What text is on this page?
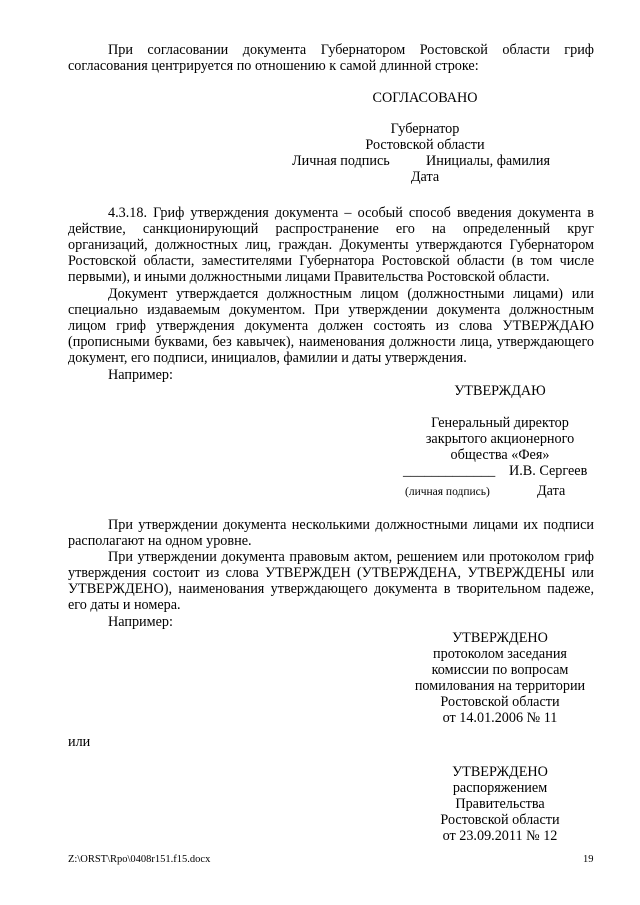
При согласовании документа Губернатором Ростовской области гриф согласования центрируется по отношению к самой длинной строке:
СОГЛАСОВАНО
Губернатор
Ростовской области
Личная подпись	Инициалы, фамилия
Дата
4.3.18. Гриф утверждения документа – особый способ введения документа в действие, санкционирующий распространение его на определенный круг организаций, должностных лиц, граждан. Документы утверждаются Губернатором Ростовской области, заместителями Губернатора Ростовской области (в том числе первыми), и иными должностными лицами Правительства Ростовской области.
Документ утверждается должностным лицом (должностными лицами) или специально издаваемым документом. При утверждении документа должностным лицом гриф утверждения документа должен состоять из слова УТВЕРЖДАЮ (прописными буквами, без кавычек), наименования должности лица, утверждающего документ, его подписи, инициалов, фамилии и даты утверждения.
Например:
УТВЕРЖДАЮ
Генеральный директор
закрытого акционерного
общества «Фея»
_____________ И.В. Сергеев
(личная подпись)	Дата
При утверждении документа несколькими должностными лицами их подписи располагают на одном уровне.
При утверждении документа правовым актом, решением или протоколом гриф утверждения состоит из слова УТВЕРЖДЕН (УТВЕРЖДЕНА, УТВЕРЖДЕНЫ или УТВЕРЖДЕНО), наименования утверждающего документа в творительном падеже, его даты и номера.
Например:
УТВЕРЖДЕНО
протоколом заседания
комиссии по вопросам
помилования на территории
Ростовской области
от 14.01.2006 № 11
или
УТВЕРЖДЕНО
распоряжением
Правительства
Ростовской области
от 23.09.2011 № 12
Z:\ORST\Rpo\0408r151.f15.docx	19
